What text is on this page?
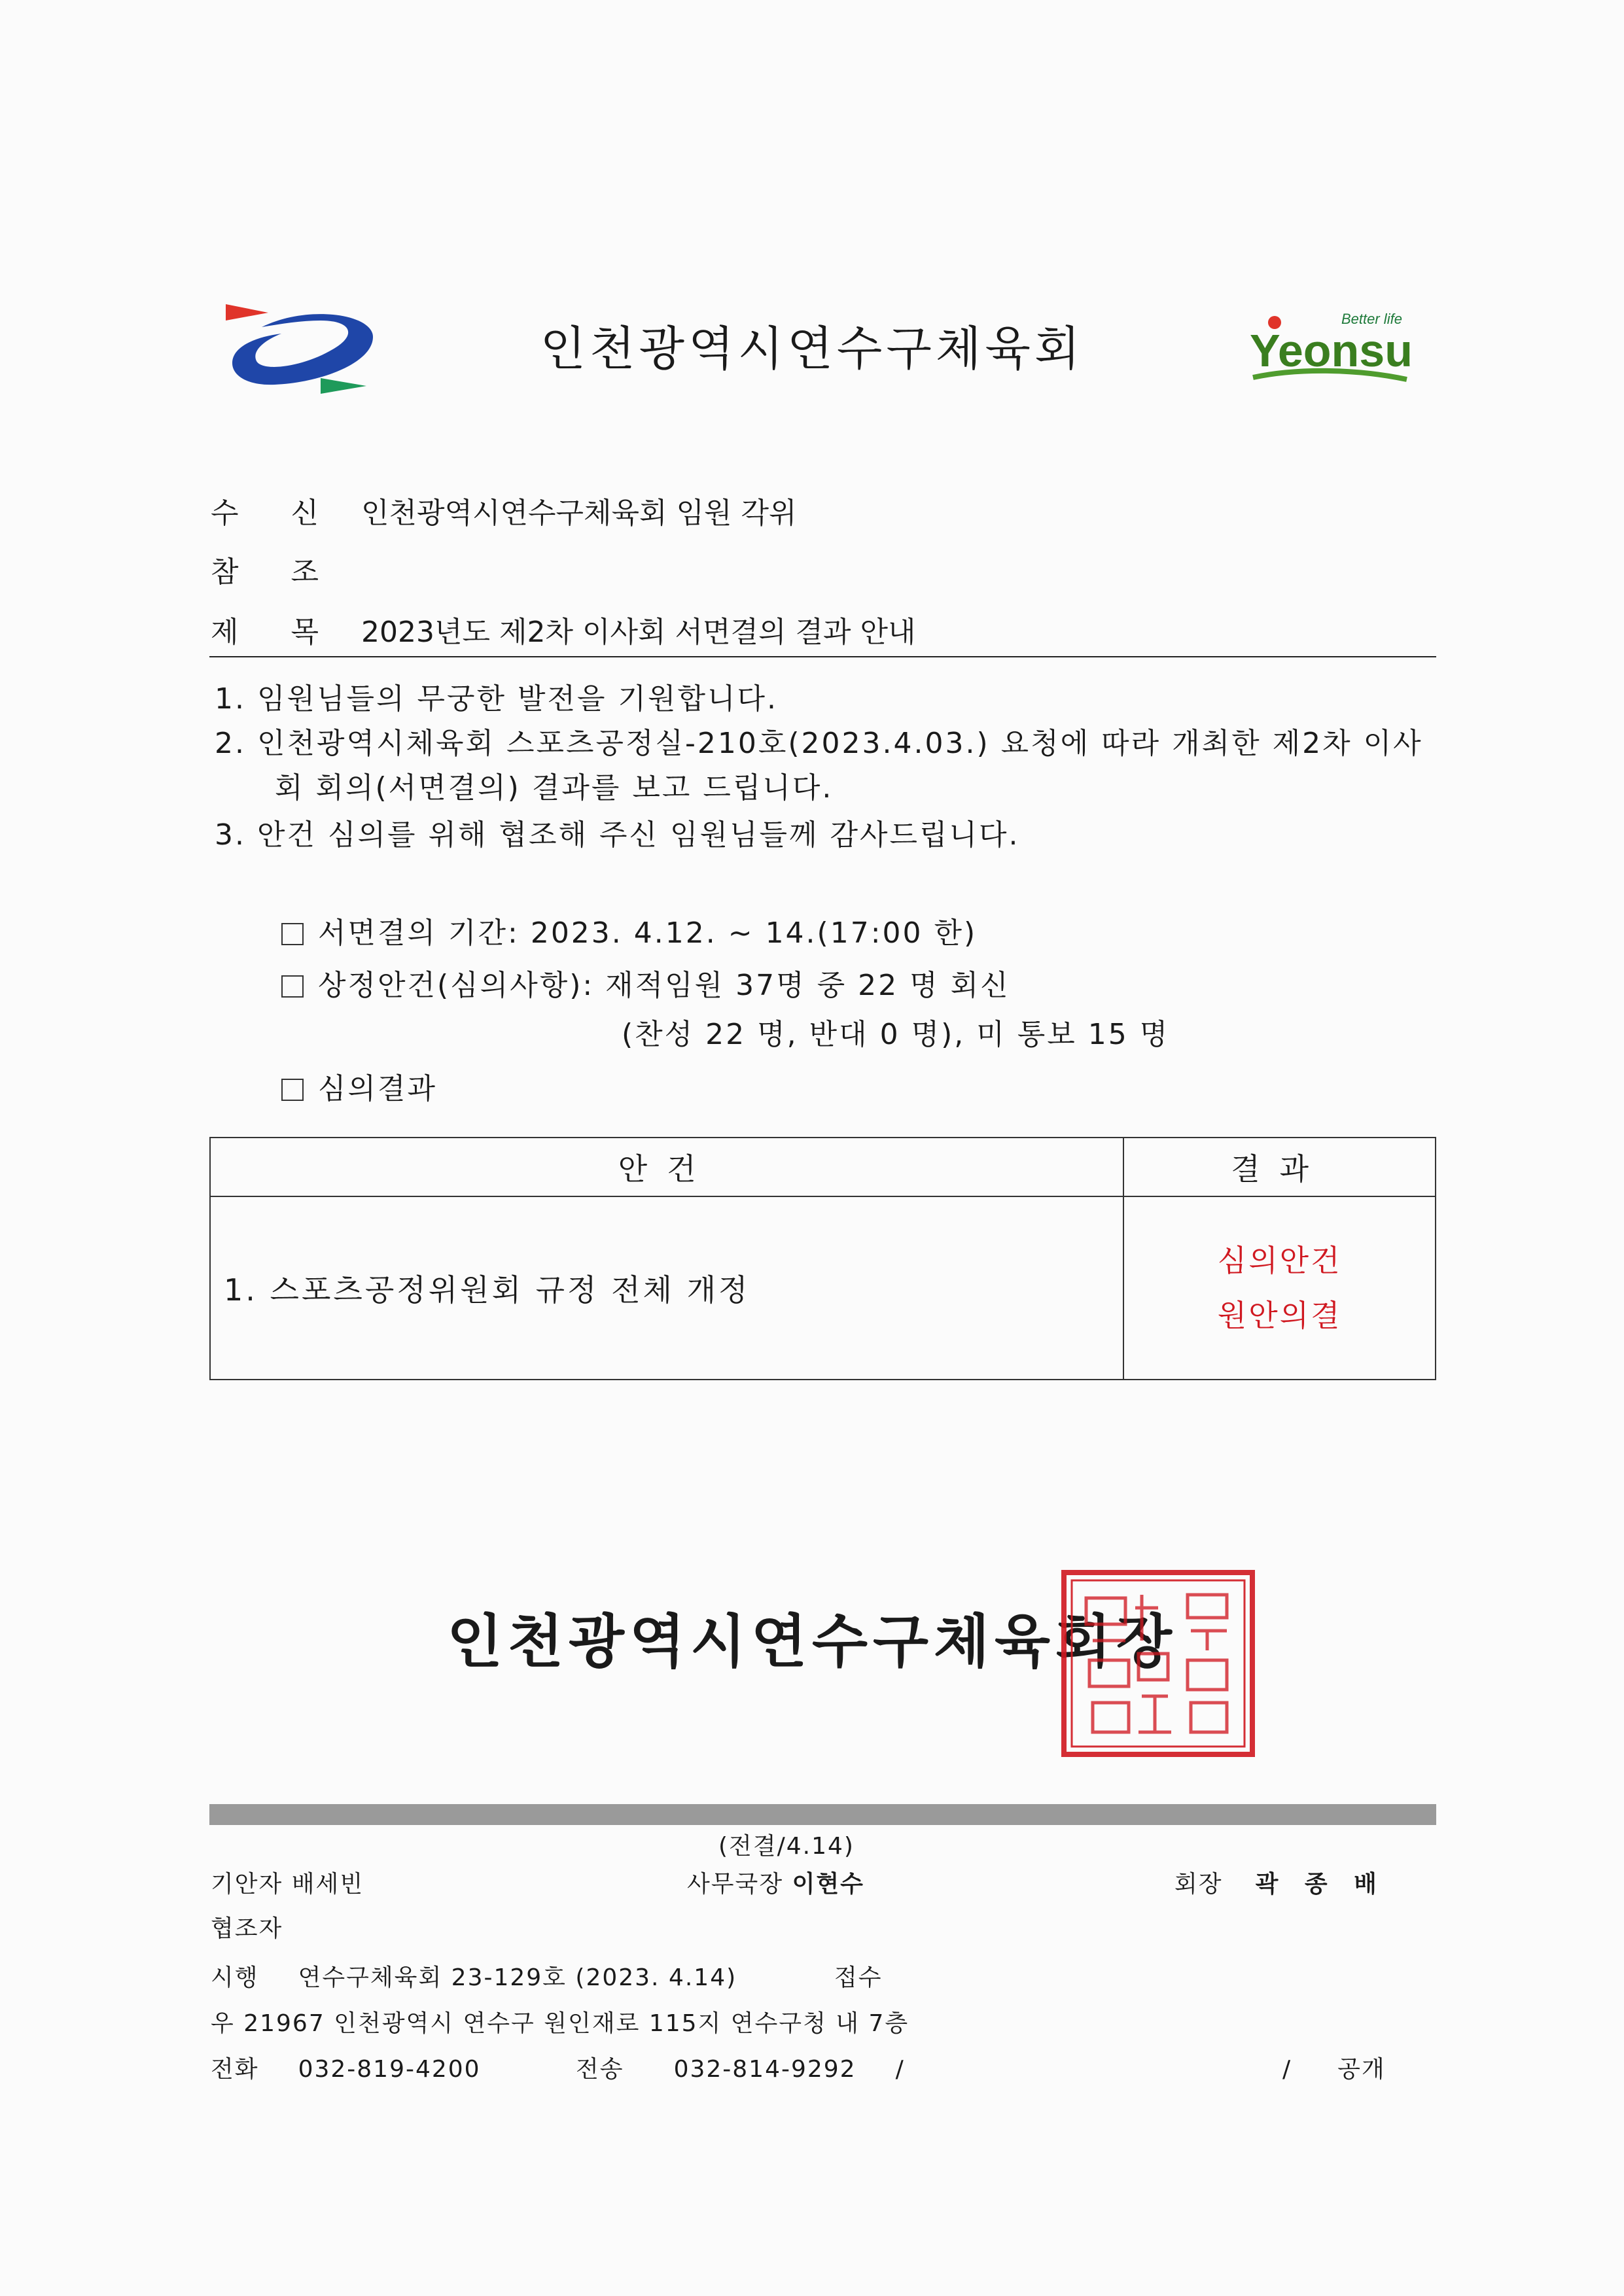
인천광역시연수구체육회
Better life
Yeonsu
수 신 인천광역시연수구체육회 임원 각위
참 조
제 목 2023년도 제2차 이사회 서면결의 결과 안내
1. 임원님들의 무궁한 발전을 기원합니다.
2. 인천광역시체육회 스포츠공정실-210호(2023.4.03.) 요청에 따라 개최한 제2차 이사
회 회의(서면결의) 결과를 보고 드립니다.
3. 안건 심의를 위해 협조해 주신 임원님들께 감사드립니다.
서면결의 기간: 2023. 4.12. ~ 14.(17:00 한)
상정안건(심의사항): 재적임원 37명 중 22 명 회신
(찬성 22 명, 반대 0 명), 미 통보 15 명
심의결과
안건	결과
1. 스포츠공정위원회 규정 전체 개정	심의안건
원안의결
인천광역시연수구체육회장
(전결/4.14)
기안자 배세빈	사무국장 이현수	회장 곽 종 배
협조자
시행 연수구체육회 23-129호 (2023. 4.14)	접수
우 21967 인천광역시 연수구 원인재로 115지 연수구청 내 7층
전화 032-819-4200	전송 032-814-9292 /	/ 공개
